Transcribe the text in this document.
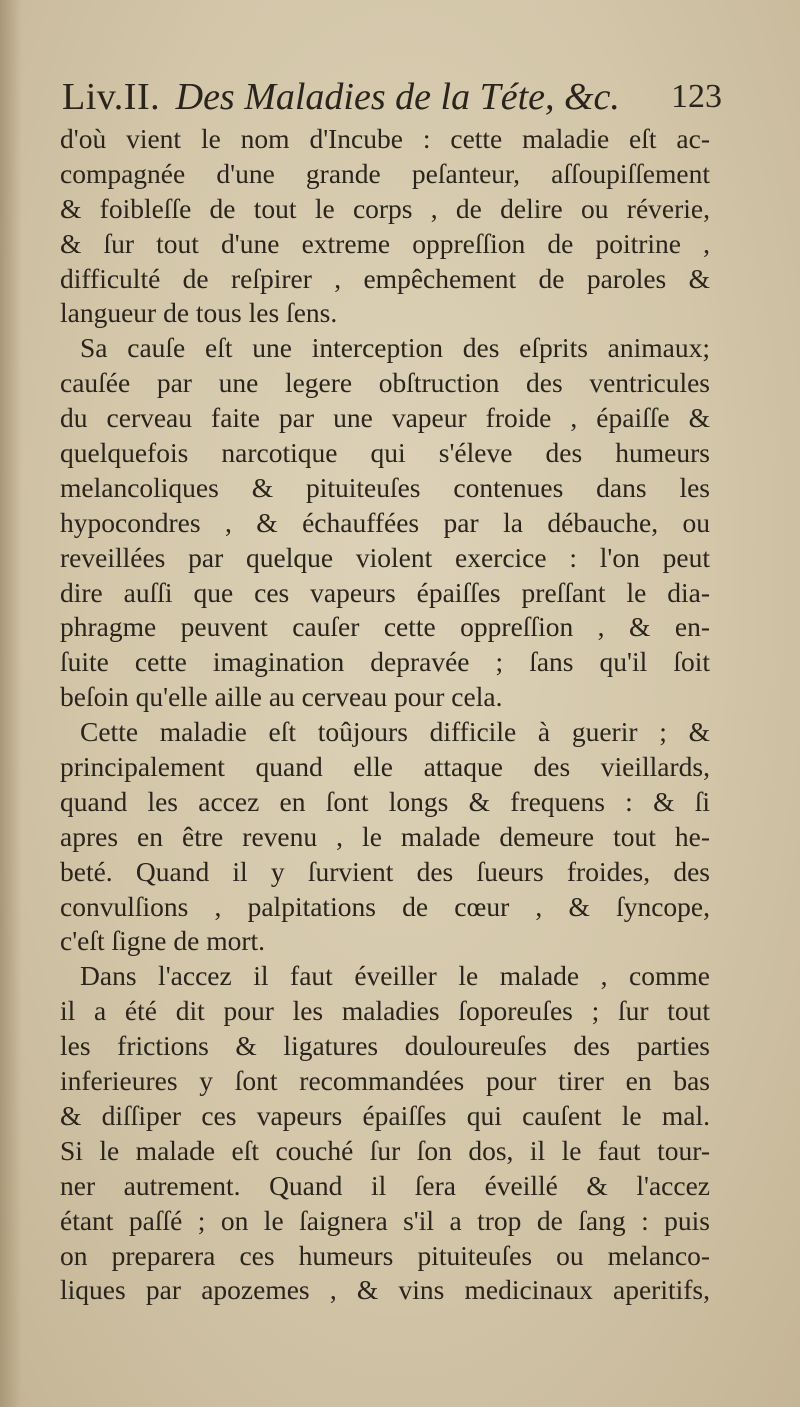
Liv.II. Des Maladies de la Téte, &c. 123
d'où vient le nom d'Incube : cette maladie eſt ac-
compagnée d'une grande peſanteur, aſſoupiſſement
& foibleſſe de tout le corps , de delire ou réverie,
& ſur tout d'une extreme oppreſſion de poitrine ,
difficulté de reſpirer , empêchement de paroles &
langueur de tous les ſens.
Sa cauſe eſt une interception des eſprits animaux;
cauſée par une legere obſtruction des ventricules
du cerveau faite par une vapeur froide , épaiſſe &
quelquefois narcotique qui s'éleve des humeurs
melancoliques & pituiteuſes contenues dans les
hypocondres , & échauffées par la débauche, ou
reveillées par quelque violent exercice : l'on peut
dire auſſi que ces vapeurs épaiſſes preſſant le dia-
phragme peuvent cauſer cette oppreſſion , & en-
ſuite cette imagination depravée ; ſans qu'il ſoit
beſoin qu'elle aille au cerveau pour cela.
Cette maladie eſt toûjours difficile à guerir ; &
principalement quand elle attaque des vieillards,
quand les accez en ſont longs & frequens : & ſi
apres en être revenu , le malade demeure tout he-
beté. Quand il y ſurvient des ſueurs froides, des
convulſions , palpitations de cœur , & ſyncope,
c'eſt ſigne de mort.
Dans l'accez il faut éveiller le malade , comme
il a été dit pour les maladies ſoporeuſes ; ſur tout
les frictions & ligatures douloureuſes des parties
inferieures y ſont recommandées pour tirer en bas
& diſſiper ces vapeurs épaiſſes qui cauſent le mal.
Si le malade eſt couché ſur ſon dos, il le faut tour-
ner autrement. Quand il ſera éveillé & l'accez
étant paſſé ; on le ſaignera s'il a trop de ſang : puis
on preparera ces humeurs pituiteuſes ou melanco-
liques par apozemes , & vins medicinaux aperitifs,
